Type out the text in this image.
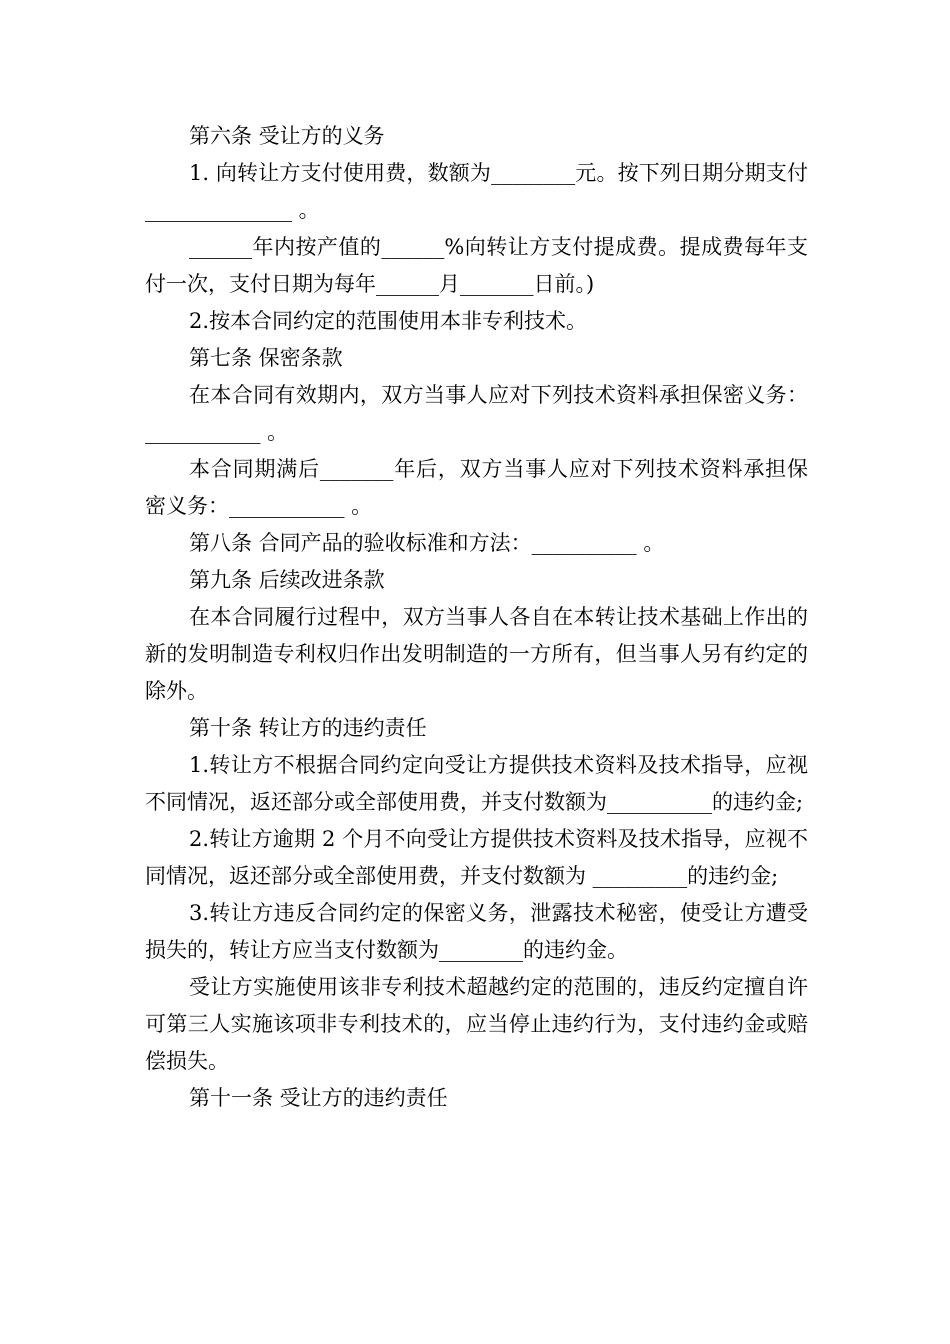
第六条 受让方的义务

1. 向转让方支付使用费，数额为________元。按下列日期分期支付______________ 。

______年内按产值的______%向转让方支付提成费。提成费每年支付一次，支付日期为每年______月_______日前。)

2.按本合同约定的范围使用本非专利技术。

第七条 保密条款

在本合同有效期内，双方当事人应对下列技术资料承担保密义务：___________ 。

本合同期满后_______年后，双方当事人应对下列技术资料承担保密义务：___________ 。

第八条 合同产品的验收标准和方法：__________ 。

第九条 后续改进条款

在本合同履行过程中，双方当事人各自在本转让技术基础上作出的新的发明制造专利权归作出发明制造的一方所有，但当事人另有约定的除外。

第十条 转让方的违约责任

1.转让方不根据合同约定向受让方提供技术资料及技术指导，应视不同情况，返还部分或全部使用费，并支付数额为__________的违约金;

2.转让方逾期 2 个月不向受让方提供技术资料及技术指导，应视不同情况，返还部分或全部使用费，并支付数额为 _________的违约金;

3.转让方违反合同约定的保密义务，泄露技术秘密，使受让方遭受损失的，转让方应当支付数额为________的违约金。

受让方实施使用该非专利技术超越约定的范围的，违反约定擅自许可第三人实施该项非专利技术的，应当停止违约行为，支付违约金或赔偿损失。

第十一条 受让方的违约责任
